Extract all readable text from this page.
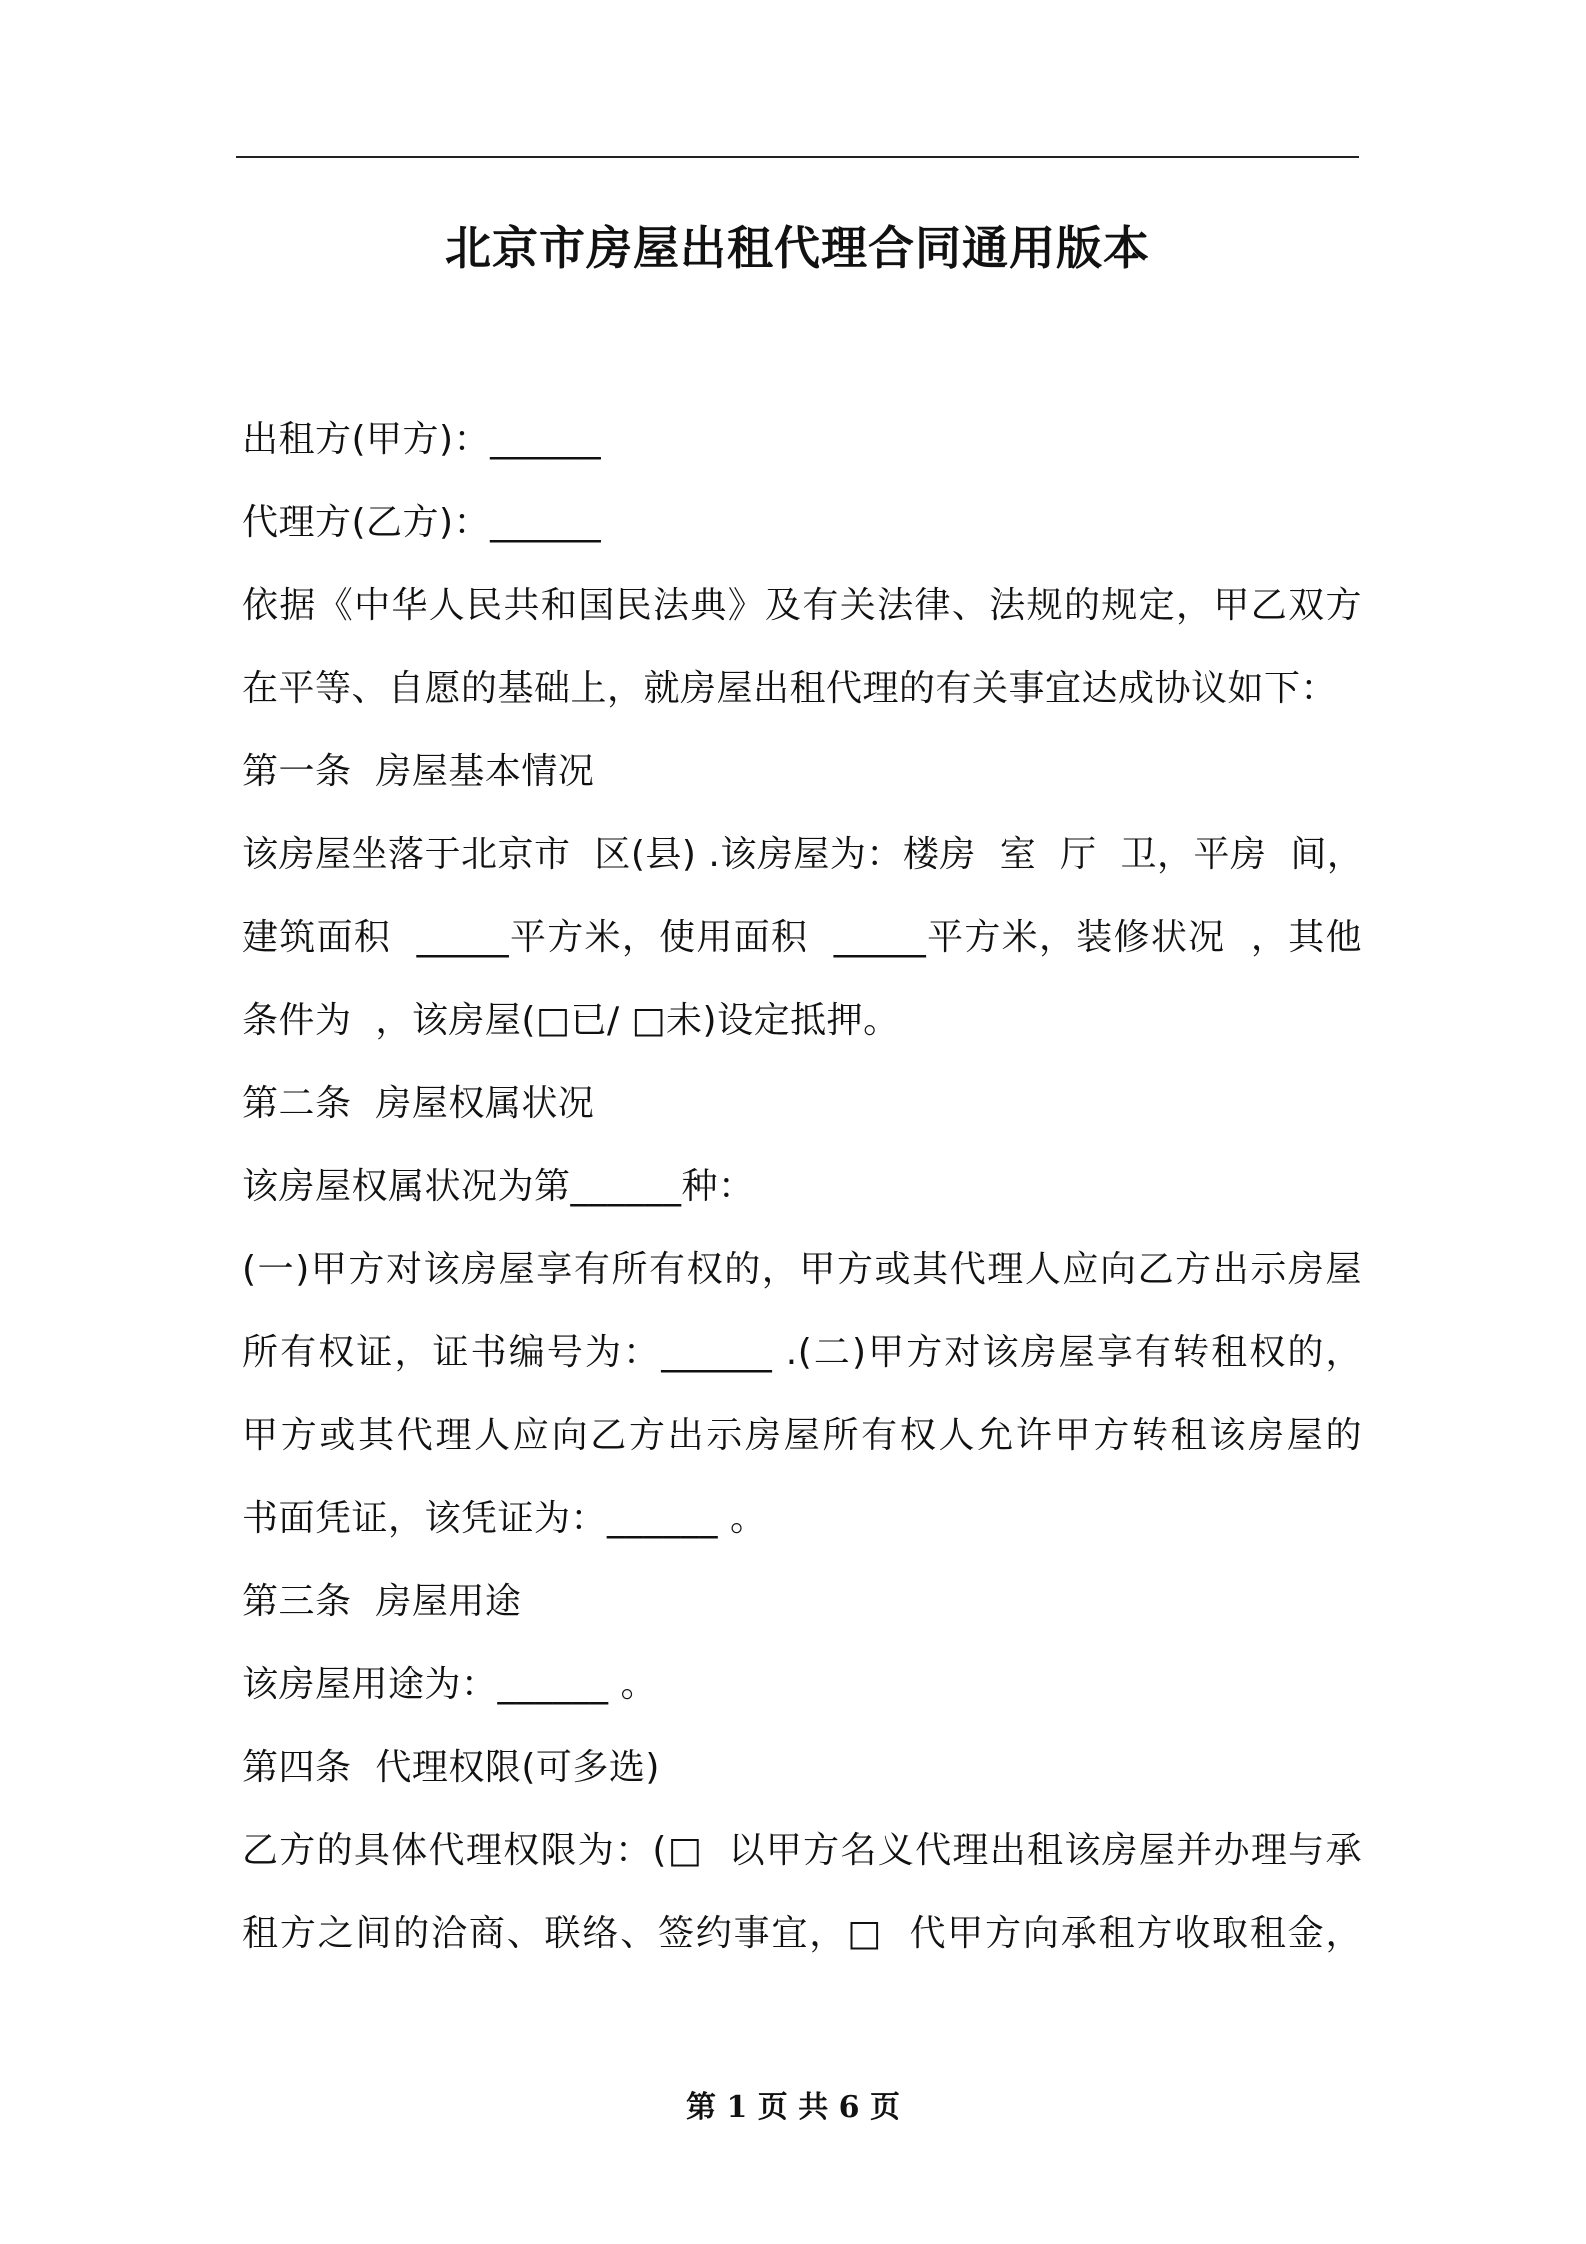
北京市房屋出租代理合同通用版本
出租方(甲方)：______
代理方(乙方)：______
依据《中华人民共和国民法典》及有关法律、法规的规定，甲乙双方
在平等、自愿的基础上，就房屋出租代理的有关事宜达成协议如下：
第一条  房屋基本情况
该房屋坐落于北京市  区(县) .该房屋为：楼房  室  厅  卫，平房  间，
建筑面积  _____平方米，使用面积  _____平方米，装修状况  ，其他
条件为  ，该房屋(□已/ □未)设定抵押。
第二条  房屋权属状况
该房屋权属状况为第______种：
(一)甲方对该房屋享有所有权的，甲方或其代理人应向乙方出示房屋
所有权证，证书编号为：______ .(二)甲方对该房屋享有转租权的，
甲方或其代理人应向乙方出示房屋所有权人允许甲方转租该房屋的
书面凭证，该凭证为：______ 。
第三条  房屋用途
该房屋用途为：______ 。
第四条  代理权限(可多选)
乙方的具体代理权限为：(□  以甲方名义代理出租该房屋并办理与承
租方之间的洽商、联络、签约事宜，□  代甲方向承租方收取租金，
第 1 页 共 6 页
